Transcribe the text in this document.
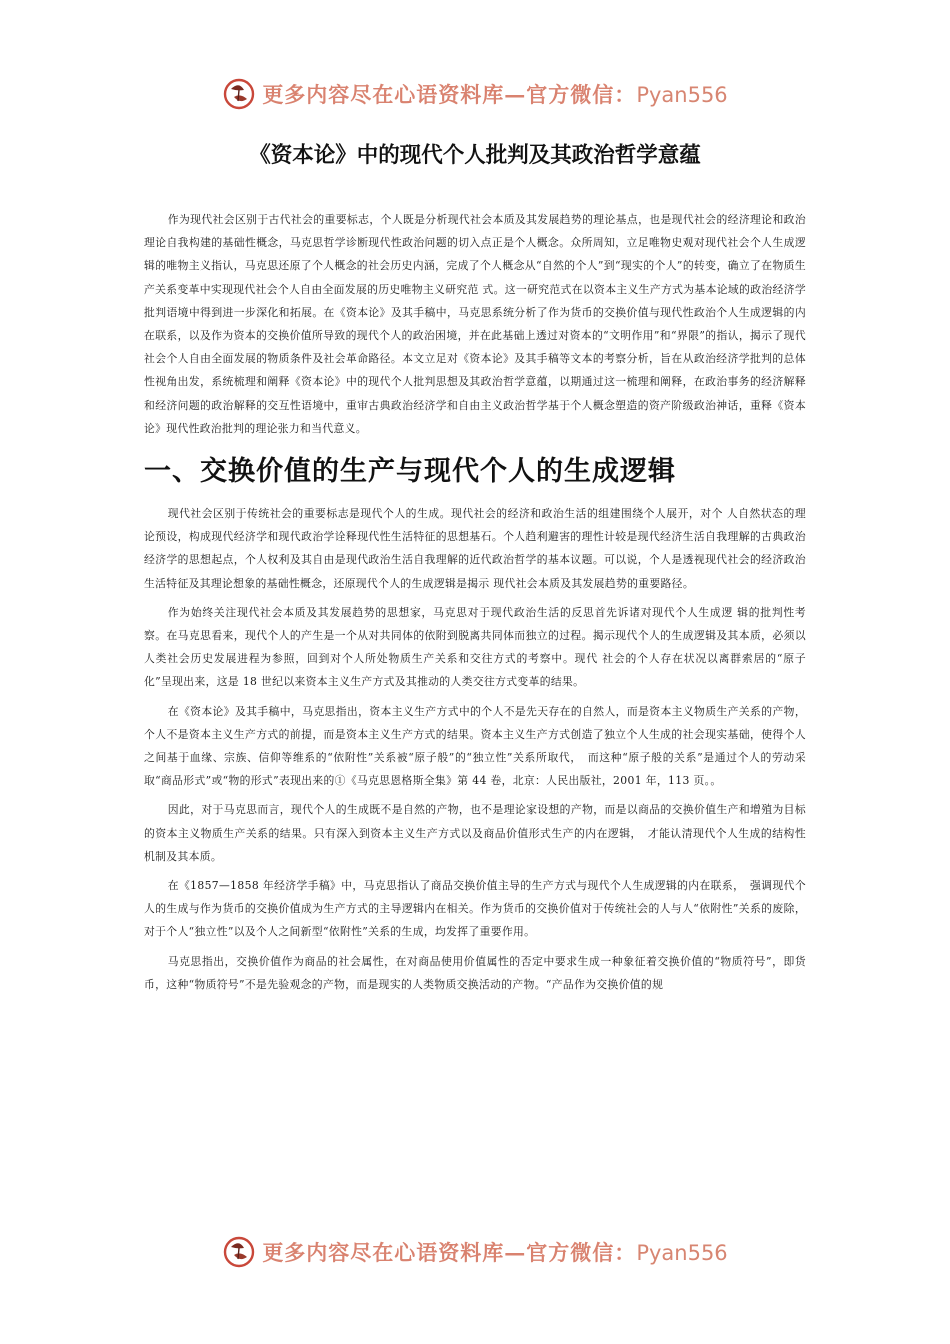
更多内容尽在心语资料库—官方微信：Pyan556
《资本论》中的现代个人批判及其政治哲学意蕴

作为现代社会区别于古代社会的重要标志，个人既是分析现代社会本质及其发展趋势的理论基点，也是现代社会的经济理论和政治理论自我构建的基础性概念，马克思哲学诊断现代性政治问题的切入点正是个人概念。众所周知，立足唯物史观对现代社会个人生成逻辑的唯物主义指认，马克思还原了个人概念的社会历史内涵，完成了个人概念从“自然的个人”到“现实的个人”的转变，确立了在物质生产关系变革中实现现代社会个人自由全面发展的历史唯物主义研究范 式。这一研究范式在以资本主义生产方式为基本论域的政治经济学批判语境中得到进一步深化和拓展。在《资本论》及其手稿中，马克思系统分析了作为货币的交换价值与现代性政治个人生成逻辑的内在联系，以及作为资本的交换价值所导致的现代个人的政治困境，并在此基础上透过对资本的“文明作用”和“界限”的指认，揭示了现代社会个人自由全面发展的物质条件及社会革命路径。本文立足对《资本论》及其手稿等文本的考察分析，旨在从政治经济学批判的总体性视角出发，系统梳理和阐释《资本论》中的现代个人批判思想及其政治哲学意蕴，以期通过这一梳理和阐释，在政治事务的经济解释和经济问题的政治解释的交互性语境中，重审古典政治经济学和自由主义政治哲学基于个人概念塑造的资产阶级政治神话，重释《资本论》现代性政治批判的理论张力和当代意义。

一、交换价值的生产与现代个人的生成逻辑

现代社会区别于传统社会的重要标志是现代个人的生成。现代社会的经济和政治生活的组建围绕个人展开，对个 人自然状态的理论预设，构成现代经济学和现代政治学诠释现代性生活特征的思想基石。个人趋利避害的理性计较是现代经济生活自我理解的古典政治经济学的思想起点，个人权利及其自由是现代政治生活自我理解的近代政治哲学的基本议题。可以说，个人是透视现代社会的经济政治生活特征及其理论想象的基础性概念，还原现代个人的生成逻辑是揭示 现代社会本质及其发展趋势的重要路径。

作为始终关注现代社会本质及其发展趋势的思想家，马克思对于现代政治生活的反思首先诉诸对现代个人生成逻 辑的批判性考察。在马克思看来，现代个人的产生是一个从对共同体的依附到脱离共同体而独立的过程。揭示现代个人的生成逻辑及其本质，必须以人类社会历史发展进程为参照，回到对个人所处物质生产关系和交往方式的考察中。现代 社会的个人存在状况以离群索居的“原子化”呈现出来，这是 18 世纪以来资本主义生产方式及其推动的人类交往方式变革的结果。

在《资本论》及其手稿中，马克思指出，资本主义生产方式中的个人不是先天存在的自然人，而是资本主义物质生产关系的产物，个人不是资本主义生产方式的前提，而是资本主义生产方式的结果。资本主义生产方式创造了独立个人生成的社会现实基础，使得个人之间基于血缘、宗族、信仰等维系的“依附性”关系被“原子般”的“独立性”关系所取代，　而这种“原子般的关系”是通过个人的劳动采取“商品形式”或“物的形式”表现出来的①《马克思恩格斯全集》第 44 卷，北京：人民出版社，2001 年，113 页。。

因此，对于马克思而言，现代个人的生成既不是自然的产物，也不是理论家设想的产物，而是以商品的交换价值生产和增殖为目标的资本主义物质生产关系的结果。只有深入到资本主义生产方式以及商品价值形式生产的内在逻辑，　才能认清现代个人生成的结构性机制及其本质。

在《1857—1858 年经济学手稿》中，马克思指认了商品交换价值主导的生产方式与现代个人生成逻辑的内在联系，　强调现代个人的生成与作为货币的交换价值成为生产方式的主导逻辑内在相关。作为货币的交换价值对于传统社会的人与人“依附性”关系的废除，对于个人“独立性”以及个人之间新型“依附性”关系的生成，均发挥了重要作用。

马克思指出，交换价值作为商品的社会属性，在对商品使用价值属性的否定中要求生成一种象征着交换价值的“物质符号”，即货币，这种“物质符号”不是先验观念的产物，而是现实的人类物质交换活动的产物。“产品作为交换价值的规

更多内容尽在心语资料库—官方微信：Pyan556
